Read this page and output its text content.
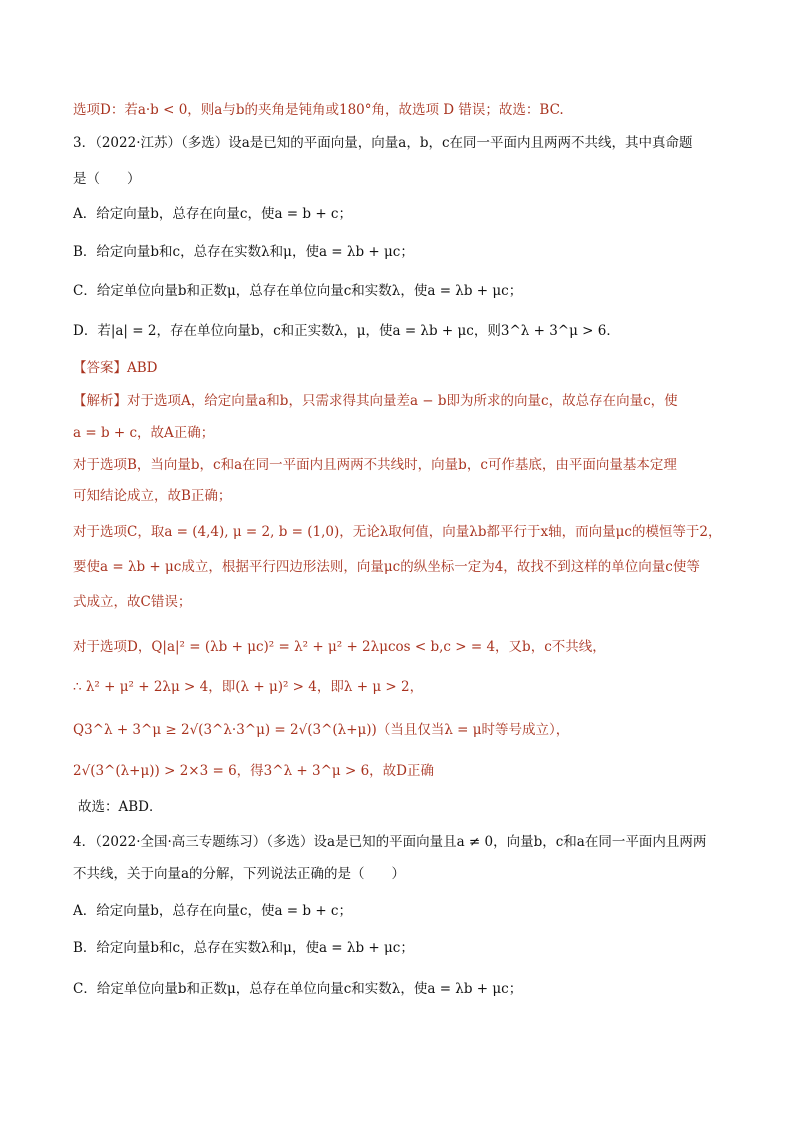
选项D：若a·b < 0，则a与b的夹角是钝角或180°角，故选项 D 错误；故选：BC.
3．（2022·江苏）（多选）设a是已知的平面向量，向量a，b，c在同一平面内且两两不共线，其中真命题
是（　　）
A．给定向量b，总存在向量c，使a = b + c；
B．给定向量b和c，总存在实数λ和μ，使a = λb + μc；
C．给定单位向量b和正数μ，总存在单位向量c和实数λ，使a = λb + μc；
D．若|a| = 2，存在单位向量b，c和正实数λ，μ，使a = λb + μc，则3^λ + 3^μ > 6．
【答案】ABD
【解析】对于选项A，给定向量a和b，只需求得其向量差a − b即为所求的向量c，故总存在向量c，使
a = b + c，故A正确；
对于选项B，当向量b，c和a在同一平面内且两两不共线时，向量b，c可作基底，由平面向量基本定理
可知结论成立，故B正确；
对于选项C，取a = (4,4), μ = 2, b = (1,0)，无论λ取何值，向量λb都平行于x轴，而向量μc的模恒等于2，
要使a = λb + μc成立，根据平行四边形法则，向量μc的纵坐标一定为4，故找不到这样的单位向量c使等
式成立，故C错误；
对于选项D，Q|a|² = (λb + μc)² = λ² + μ² + 2λμcos < b,c > = 4，又b，c不共线，
∴ λ² + μ² + 2λμ > 4，即(λ + μ)² > 4，即λ + μ > 2，
Q3^λ + 3^μ ≥ 2√(3^λ·3^μ) = 2√(3^(λ+μ))（当且仅当λ = μ时等号成立），
2√(3^(λ+μ)) > 2×3 = 6，得3^λ + 3^μ > 6，故D正确
故选：ABD．
4．（2022·全国·高三专题练习）（多选）设a是已知的平面向量且a ≠ 0，向量b，c和a在同一平面内且两两
不共线，关于向量a的分解，下列说法正确的是（　　）
A．给定向量b，总存在向量c，使a = b + c；
B．给定向量b和c，总存在实数λ和μ，使a = λb + μc；
C．给定单位向量b和正数μ，总存在单位向量c和实数λ，使a = λb + μc；
